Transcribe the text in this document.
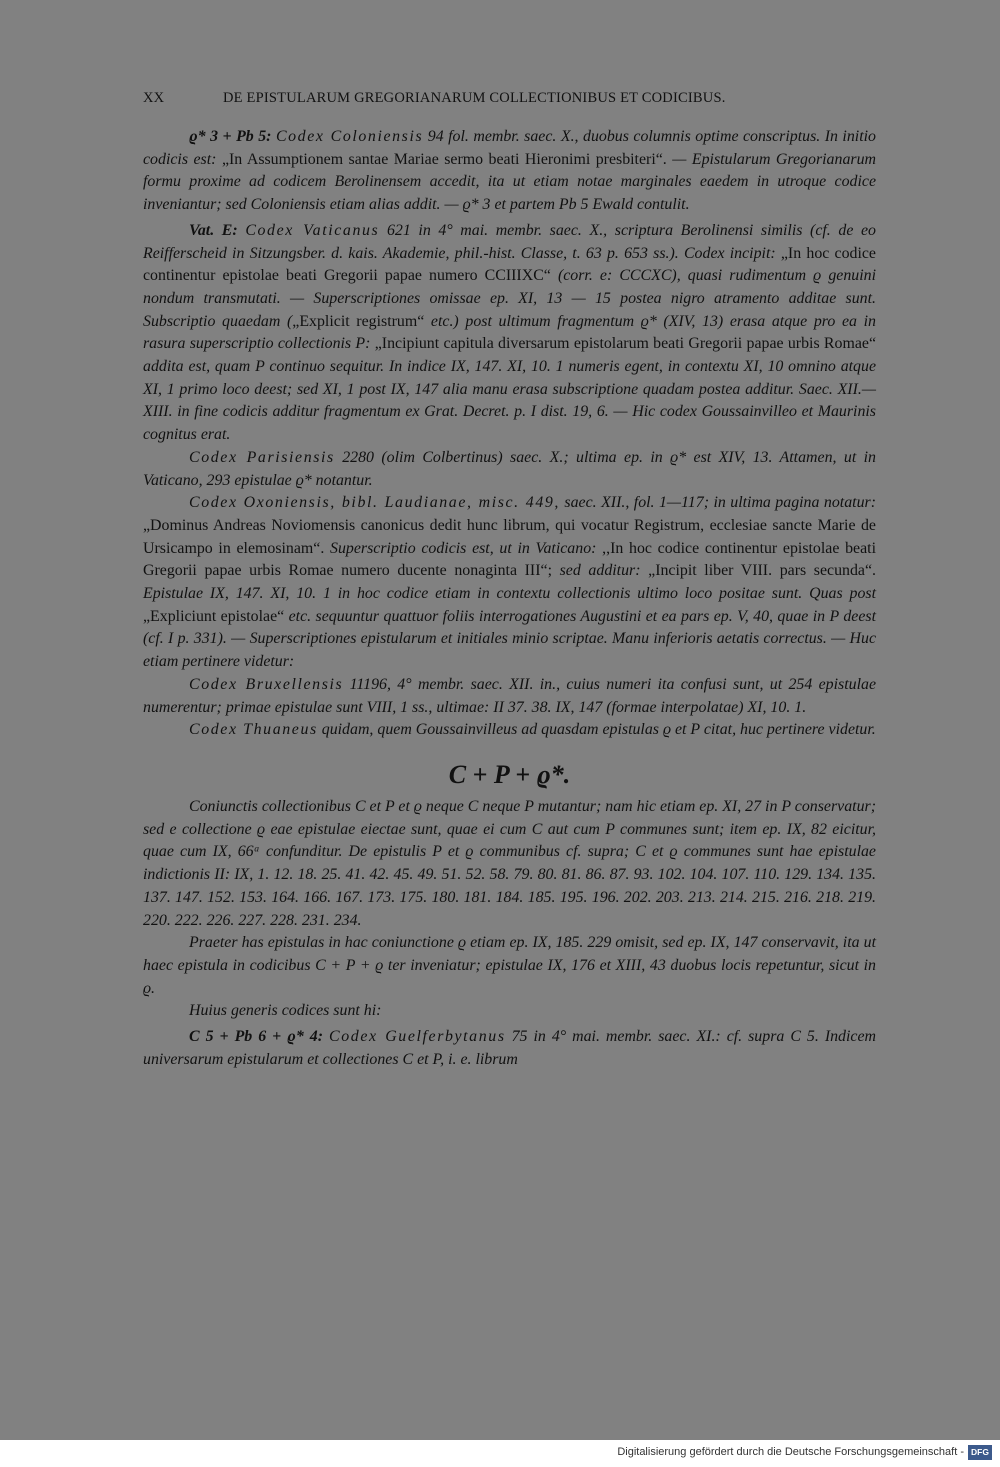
XX	DE EPISTULARUM GREGORIANARUM COLLECTIONIBUS ET CODICIBUS.

ϱ* 3 + Pb 5: Codex Coloniensis 94 fol. membr. saec. X., duobus columnis optime conscriptus. In initio codicis est: „In Assumptionem santae Mariae sermo beati Hieronimi presbiteri“. — Epistularum Gregorianarum formu proxime ad codicem Berolinensem accedit, ita ut etiam notae marginales eaedem in utroque codice inveniantur; sed Coloniensis etiam alias addit. — ϱ* 3 et partem Pb 5 Ewald contulit.

Vat. E: Codex Vaticanus 621 in 4° mai. membr. saec. X., scriptura Berolinensi similis (cf. de eo Reifferscheid in Sitzungsber. d. kais. Akademie, phil.-hist. Classe, t. 63 p. 653 ss.). Codex incipit: „In hoc codice continentur epistolae beati Gregorii papae numero CCIIIXC“ (corr. e: CCCXC), quasi rudimentum ϱ genuini nondum transmutati. — Superscriptiones omissae ep. XI, 13 — 15 postea nigro atramento additae sunt. Subscriptio quaedam („Explicit registrum“ etc.) post ultimum fragmentum ϱ* (XIV, 13) erasa atque pro ea in rasura superscriptio collectionis P: „Incipiunt capitula diversarum epistolarum beati Gregorii papae urbis Romae“ addita est, quam P continuo sequitur. In indice IX, 147. XI, 10. 1 numeris egent, in contextu XI, 10 omnino atque XI, 1 primo loco deest; sed XI, 1 post IX, 147 alia manu erasa subscriptione quadam postea additur. Saec. XII.—XIII. in fine codicis additur fragmentum ex Grat. Decret. p. I dist. 19, 6. — Hic codex Goussainvilleo et Maurinis cognitus erat.

Codex Parisiensis 2280 (olim Colbertinus) saec. X.; ultima ep. in ϱ* est XIV, 13. Attamen, ut in Vaticano, 293 epistulae ϱ* notantur.

Codex Oxoniensis, bibl. Laudianae, misc. 449, saec. XII., fol. 1—117; in ultima pagina notatur: „Dominus Andreas Noviomensis canonicus dedit hunc librum, qui vocatur Registrum, ecclesiae sancte Marie de Ursicampo in elemosinam“. Superscriptio codicis est, ut in Vaticano: ,,In hoc codice continentur epistolae beati Gregorii papae urbis Romae numero ducente nonaginta III“; sed additur: „Incipit liber VIII. pars secunda“. Epistulae IX, 147. XI, 10. 1 in hoc codice etiam in contextu collectionis ultimo loco positae sunt. Quas post „Expliciunt epistolae“ etc. sequuntur quattuor foliis interrogationes Augustini et ea pars ep. V, 40, quae in P deest (cf. I p. 331). — Superscriptiones epistularum et initiales minio scriptae. Manu inferioris aetatis correctus. — Huc etiam pertinere videtur:

Codex Bruxellensis 11196, 4° membr. saec. XII. in., cuius numeri ita confusi sunt, ut 254 epistulae numerentur; primae epistulae sunt VIII, 1 ss., ultimae: II 37. 38. IX, 147 (formae interpolatae) XI, 10. 1.

Codex Thuaneus quidam, quem Goussainvilleus ad quasdam epistulas ϱ et P citat, huc pertinere videtur.

C + P + ϱ*.

Coniunctis collectionibus C et P et ϱ neque C neque P mutantur; nam hic etiam ep. XI, 27 in P conservatur; sed e collectione ϱ eae epistulae eiectae sunt, quae ei cum C aut cum P communes sunt; item ep. IX, 82 eicitur, quae cum IX, 66ᵃ confunditur. De epistulis P et ϱ communibus cf. supra; C et ϱ communes sunt hae epistulae indictionis II: IX, 1. 12. 18. 25. 41. 42. 45. 49. 51. 52. 58. 79. 80. 81. 86. 87. 93. 102. 104. 107. 110. 129. 134. 135. 137. 147. 152. 153. 164. 166. 167. 173. 175. 180. 181. 184. 185. 195. 196. 202. 203. 213. 214. 215. 216. 218. 219. 220. 222. 226. 227. 228. 231. 234.

Praeter has epistulas in hac coniunctione ϱ etiam ep. IX, 185. 229 omisit, sed ep. IX, 147 conservavit, ita ut haec epistula in codicibus C + P + ϱ ter inveniatur; epistulae IX, 176 et XIII, 43 duobus locis repetuntur, sicut in ϱ.

Huius generis codices sunt hi:

C 5 + Pb 6 + ϱ* 4: Codex Guelferbytanus 75 in 4° mai. membr. saec. XI.: cf. supra C 5. Indicem universarum epistularum et collectiones C et P, i. e. librum

Digitalisierung gefördert durch die Deutsche Forschungsgemeinschaft - DFG
